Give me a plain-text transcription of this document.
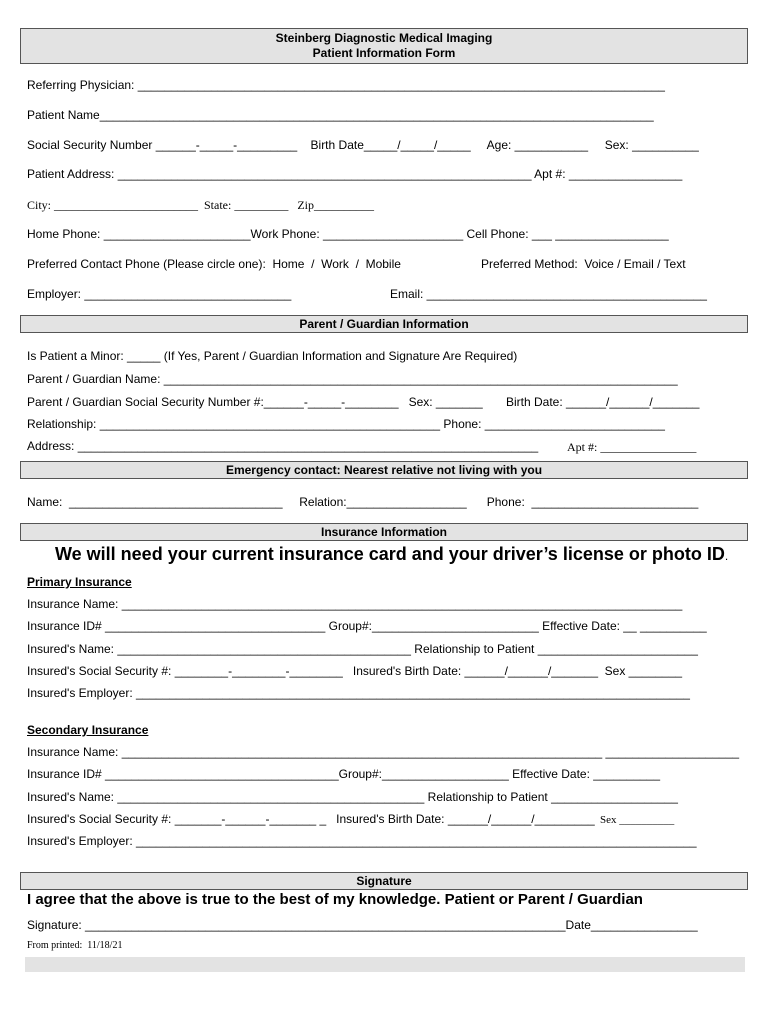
Steinberg Diagnostic Medical Imaging
Patient Information Form
Referring Physician: _______________________________________________________________________________
Patient Name___________________________________________________________________________________
Social Security Number ______-_____-_________    Birth Date_____/_____/_____     Age: ___________     Sex: __________
Patient Address: ______________________________________________________________ Apt #: _________________
City: ________________________  State: _________   Zip__________
Home Phone: ______________________Work Phone: _____________________ Cell Phone: ___ _________________
Preferred Contact Phone (Please circle one):  Home  /  Work  /  Mobile	Preferred Method:  Voice / Email / Text
Employer: _______________________________	Email: __________________________________________
Parent / Guardian Information
Is Patient a Minor: _____ (If Yes, Parent / Guardian Information and Signature Are Required)
Parent / Guardian Name: _____________________________________________________________________________
Parent / Guardian Social Security Number #:______-_____-________   Sex: _______       Birth Date: ______/______/_______
Relationship: ___________________________________________________ Phone: ___________________________
Address: _____________________________________________________________________ Apt #: ________________
Emergency contact: Nearest relative not living with you
Name:  ________________________________     Relation:__________________      Phone:  _________________________
Insurance Information
We will need your current insurance card and your driver’s license or photo ID.
Primary Insurance
Insurance Name: ____________________________________________________________________________________
Insurance ID# _________________________________ Group#:_________________________ Effective Date: __ __________
Insured's Name: ____________________________________________ Relationship to Patient ________________________
Insured's Social Security #: ________-________-________   Insured's Birth Date: ______/______/_______  Sex ________
Insured's Employer: ___________________________________________________________________________________
Secondary Insurance
Insurance Name: ________________________________________________________________________ ____________________
Insurance ID# ___________________________________Group#:___________________ Effective Date: __________
Insured's Name: ______________________________________________ Relationship to Patient ___________________
Insured's Social Security #: _______-______-_______ _   Insured's Birth Date: ______/______/_________ Sex __________
Insured's Employer: ____________________________________________________________________________________
Signature
I agree that the above is true to the best of my knowledge. Patient or Parent / Guardian
Signature: ________________________________________________________________________Date________________
From printed:  11/18/21
